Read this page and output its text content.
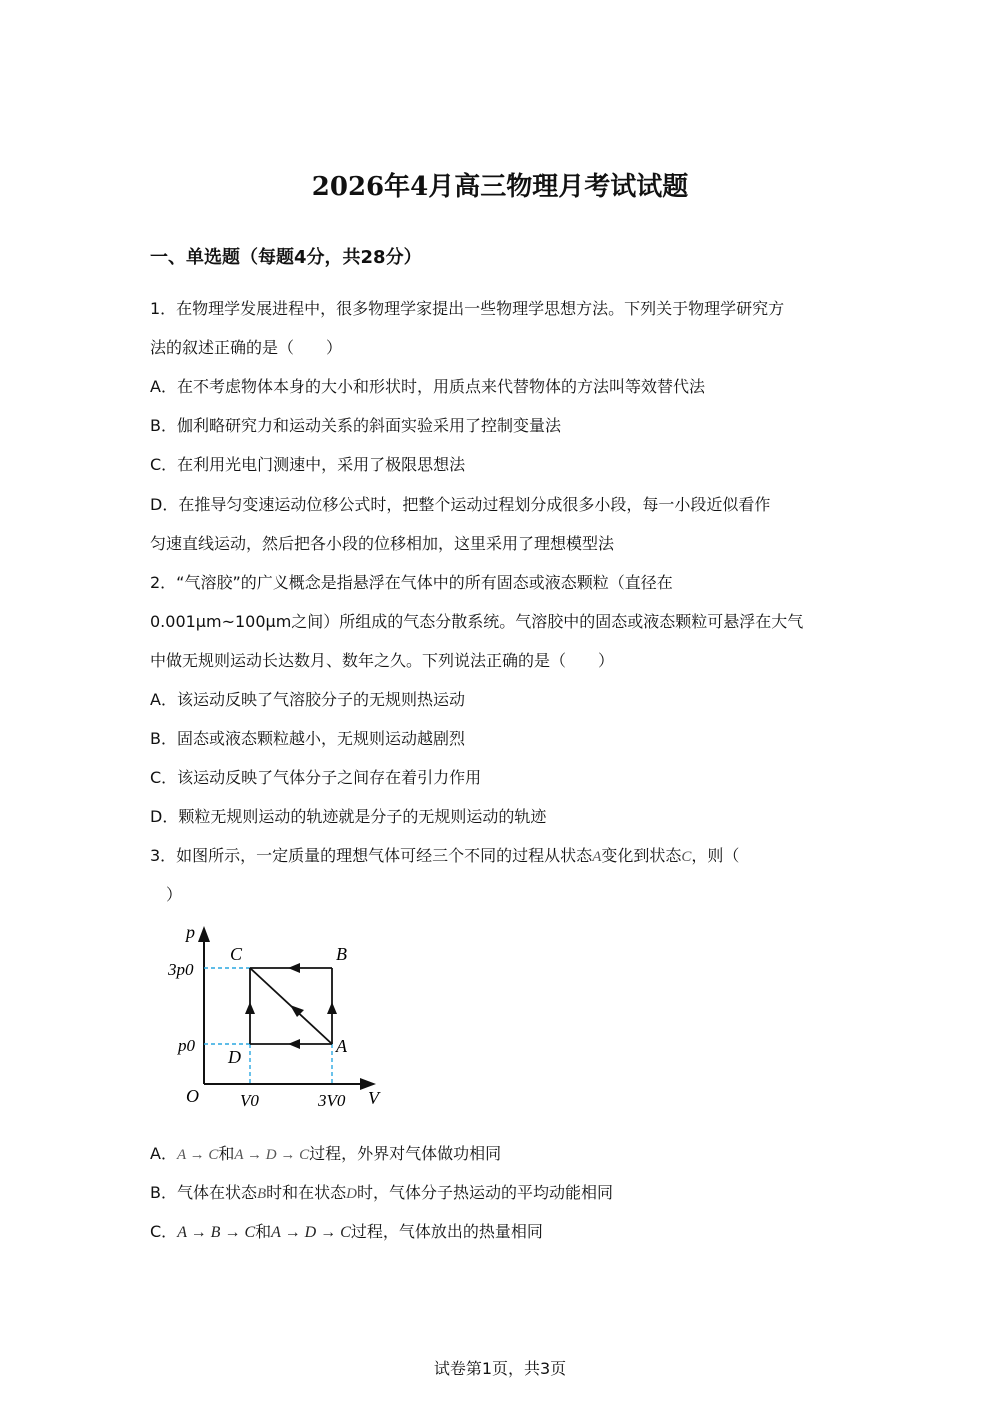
2026年4月高三物理月考试试题
一、单选题（每题4分，共28分）
1．在物理学发展进程中，很多物理学家提出一些物理学思想方法。下列关于物理学研究方
法的叙述正确的是（　　）
A．在不考虑物体本身的大小和形状时，用质点来代替物体的方法叫等效替代法
B．伽利略研究力和运动关系的斜面实验采用了控制变量法
C．在利用光电门测速中，采用了极限思想法
D．在推导匀变速运动位移公式时，把整个运动过程划分成很多小段，每一小段近似看作
匀速直线运动，然后把各小段的位移相加，这里采用了理想模型法
2．“气溶胶”的广义概念是指悬浮在气体中的所有固态或液态颗粒（直径在
0.001μm~100μm之间）所组成的气态分散系统。气溶胶中的固态或液态颗粒可悬浮在大气
中做无规则运动长达数月、数年之久。下列说法正确的是（　　）
A．该运动反映了气溶胶分子的无规则热运动
B．固态或液态颗粒越小，无规则运动越剧烈
C．该运动反映了气体分子之间存在着引力作用
D．颗粒无规则运动的轨迹就是分子的无规则运动的轨迹
3．如图所示，一定质量的理想气体可经三个不同的过程从状态A变化到状态C，则（
）
p
V
O
3p0
p0
V0	3V0
C	B
A
D
A．A → C和A → D → C过程，外界对气体做功相同
B．气体在状态B时和在状态D时，气体分子热运动的平均动能相同
C．A → B → C和A → D → C过程，气体放出的热量相同
试卷第1页，共3页
